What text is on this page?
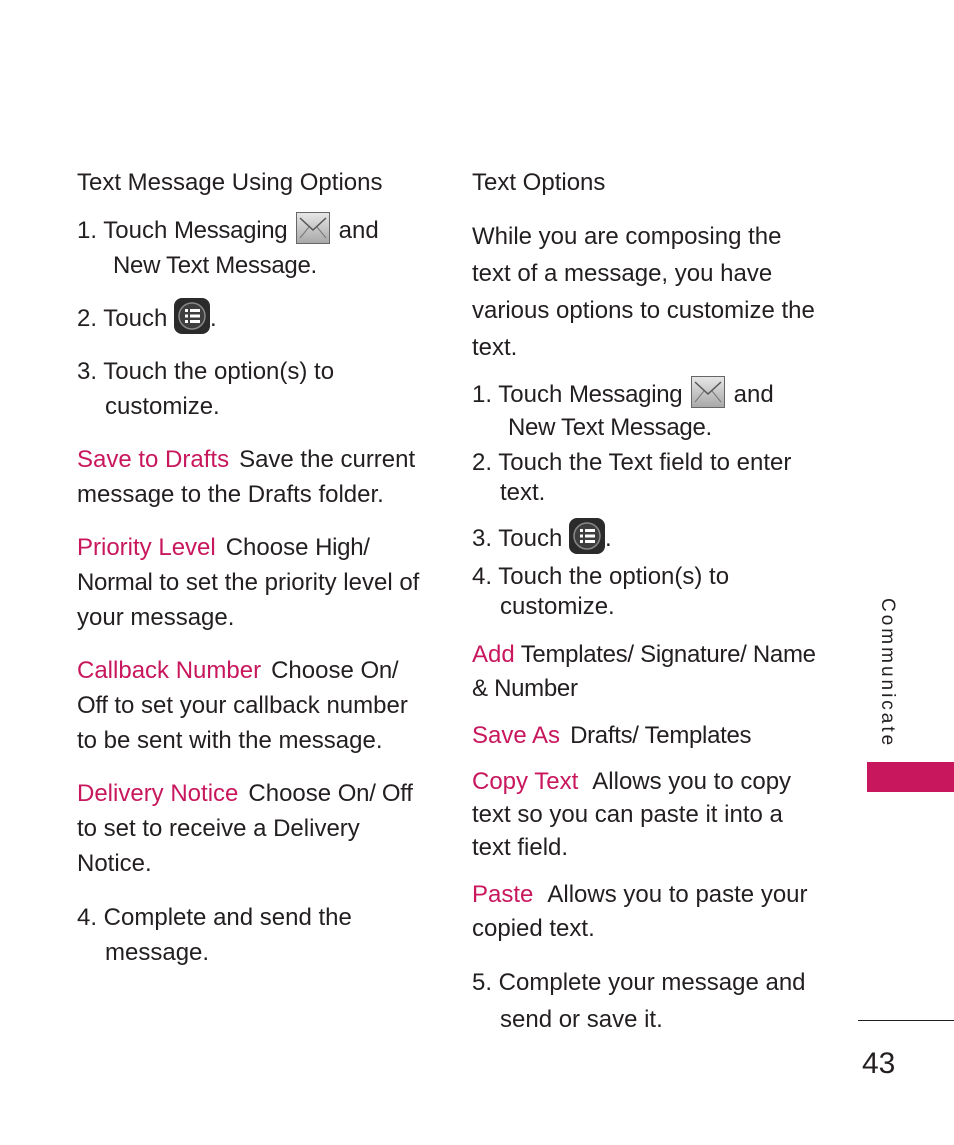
Text Message Using Options

1. Touch Messaging
and
New Text Message.

2. Touch
.

3. Touch the option(s) to customize.

Save to Drafts Save the current message to the Drafts folder.

Priority Level Choose High/ Normal to set the priority level of your message.

Callback Number Choose On/ Off to set your callback number to be sent with the message.

Delivery Notice Choose On/ Off to set to receive a Delivery Notice.

4. Complete and send the message.

Text Options

While you are composing the text of a message, you have various options to customize the text.

1. Touch Messaging
and
New Text Message.

2. Touch the Text field to enter text.

3. Touch
.

4. Touch the option(s) to customize.

Add Templates/ Signature/ Name & Number

Save As Drafts/ Templates

Copy Text Allows you to copy text so you can paste it into a text field.

Paste Allows you to paste your copied text.

5. Complete your message and send or save it.

Communicate
43
